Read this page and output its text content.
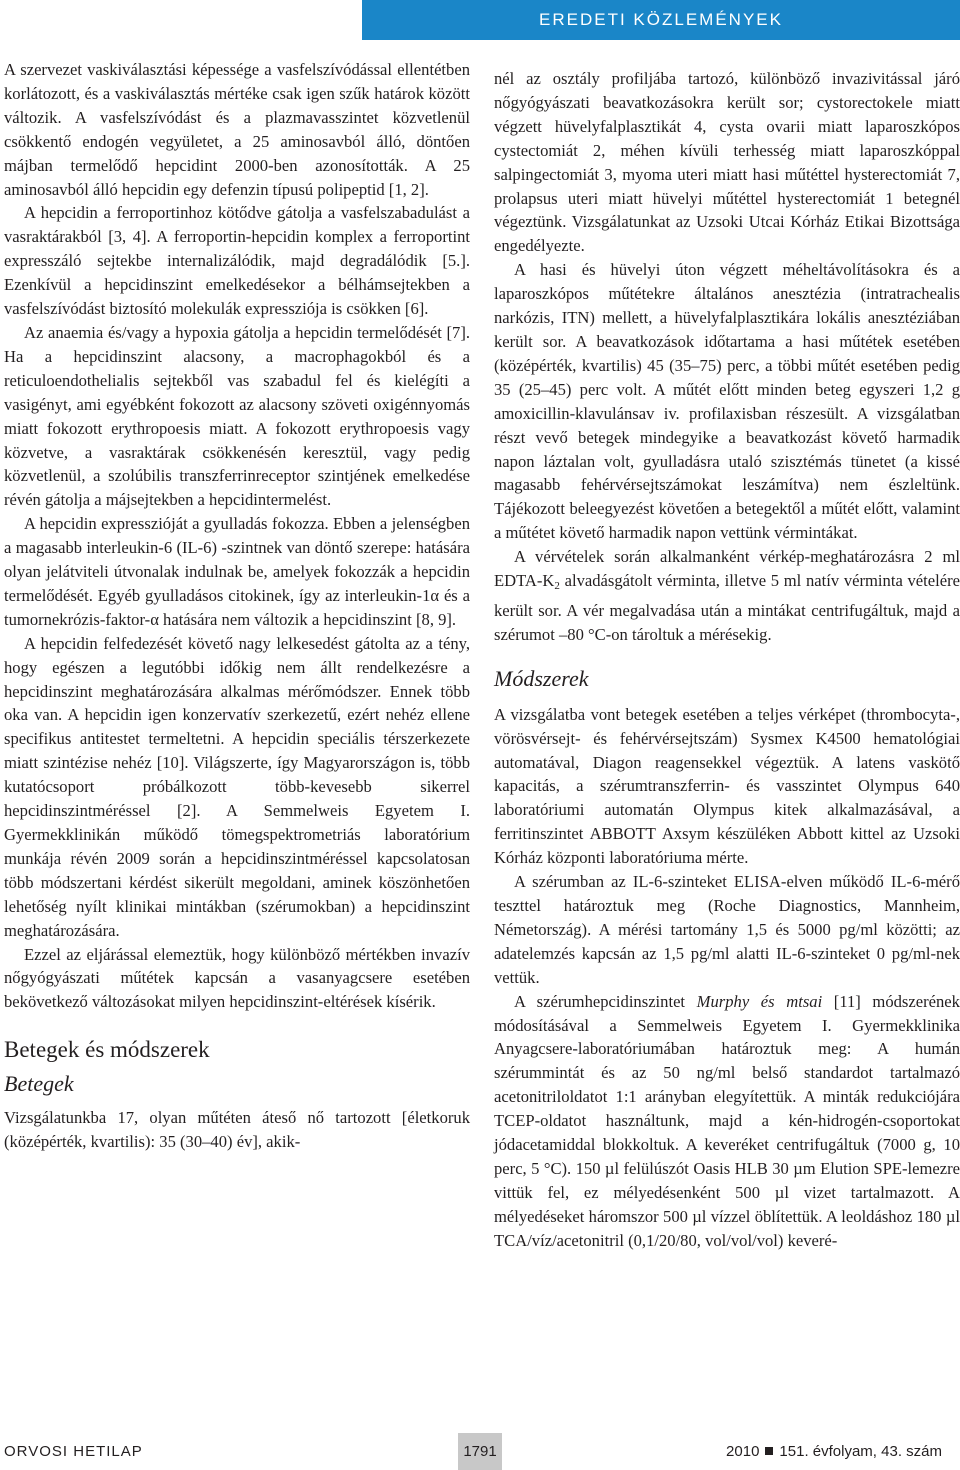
EREDETI KÖZLEMÉNYEK

A szervezet vaskiválasztási képessége a vasfelszívódással ellentétben korlátozott, és a vaskiválasztás mértéke csak igen szűk határok között változik. A vasfelszívódást és a plazmavasszintet közvetlenül csökkentő endogén vegyületet, a 25 aminosavból álló, döntően májban termelődő hepcidint 2000-ben azonosították. A 25 aminosavból álló hepcidin egy defenzin típusú polipeptid [1, 2].

A hepcidin a ferroportinhoz kötődve gátolja a vasfelszabadulást a vasraktárakból [3, 4]. A ferroportin-hepcidin komplex a ferroportint expresszáló sejtekbe internalizálódik, majd degradálódik [5.]. Ezenkívül a hepcidinszint emelkedésekor a bélhámsejtekben a vasfelszívódást biztosító molekulák expressziója is csökken [6].

Az anaemia és/vagy a hypoxia gátolja a hepcidin termelődését [7]. Ha a hepcidinszint alacsony, a macrophagokból és a reticuloendothelialis sejtekből vas szabadul fel és kielégíti a vasigényt, ami egyébként fokozott az alacsony szöveti oxigénnyomás miatt fokozott erythropoesis miatt. A fokozott erythropoesis vagy közvetve, a vasraktárak csökkenésén keresztül, vagy pedig közvetlenül, a szolúbilis transzferrinreceptor szintjének emelkedése révén gátolja a májsejtekben a hepcidintermelést.

A hepcidin expresszióját a gyulladás fokozza. Ebben a jelenségben a magasabb interleukin-6 (IL-6) -szintnek van döntő szerepe: hatására olyan jelátviteli útvonalak indulnak be, amelyek fokozzák a hepcidin termelődését. Egyéb gyulladásos citokinek, így az interleukin-1α és a tumornekrózis-faktor-α hatására nem változik a hepcidinszint [8, 9].

A hepcidin felfedezését követő nagy lelkesedést gátolta az a tény, hogy egészen a legutóbbi időkig nem állt rendelkezésre a hepcidinszint meghatározására alkalmas mérőmódszer. Ennek több oka van. A hepcidin igen konzervatív szerkezetű, ezért nehéz ellene specifikus antitestet termeltetni. A hepcidin speciális térszerkezete miatt szintézise nehéz [10]. Világszerte, így Magyarországon is, több kutatócsoport próbálkozott több-kevesebb sikerrel hepcidinszintméréssel [2]. A Semmelweis Egyetem I. Gyermekklinikán működő tömegspektrometriás laboratórium munkája révén 2009 során a hepcidinszintméréssel kapcsolatosan több módszertani kérdést sikerült megoldani, aminek köszönhetően lehetőség nyílt klinikai mintákban (szérumokban) a hepcidinszint meghatározására.

Ezzel az eljárással elemeztük, hogy különböző mértékben invazív nőgyógyászati műtétek kapcsán a vasanyagcsere esetében bekövetkező változásokat milyen hepcidinszint-eltérések kísérik.

Betegek és módszerek
Betegek

Vizsgálatunkba 17, olyan műtéten áteső nő tartozott [életkoruk (középérték, kvartilis): 35 (30–40) év], akik-

nél az osztály profiljába tartozó, különböző invazivitással járó nőgyógyászati beavatkozásokra került sor; cystorectokele miatt végzett hüvelyfalplasztikát 4, cysta ovarii miatt laparoszkópos cystectomiát 2, méhen kívüli terhesség miatt laparoszkóppal salpingectomiát 3, myoma uteri miatt hasi műtéttel hysterectomiát 7, prolapsus uteri miatt hüvelyi műtéttel hysterectomiát 1 betegnél végeztünk. Vizsgálatunkat az Uzsoki Utcai Kórház Etikai Bizottsága engedélyezte.

A hasi és hüvelyi úton végzett méheltávolításokra és a laparoszkópos műtétekre általános anesztézia (intratrachealis narkózis, ITN) mellett, a hüvelyfalplasztikára lokális anesztéziában került sor. A beavatkozások időtartama a hasi műtétek esetében (középérték, kvartilis) 45 (35–75) perc, a többi műtét esetében pedig 35 (25–45) perc volt. A műtét előtt minden beteg egyszeri 1,2 g amoxicillin-klavulánsav iv. profilaxisban részesült. A vizsgálatban részt vevő betegek mindegyike a beavatkozást követő harmadik napon láztalan volt, gyulladásra utaló szisztémás tünetet (a kissé magasabb fehérvérsejtszámokat leszámítva) nem észleltünk. Tájékozott beleegyezést követően a betegektől a műtét előtt, valamint a műtétet követő harmadik napon vettünk vérmintákat.

A vérvételek során alkalmanként vérkép-meghatározásra 2 ml EDTA-$K_2$ alvadásgátolt vérminta, illetve 5 ml natív vérminta vételére került sor. A vér megalvadása után a mintákat centrifugáltuk, majd a szérumot –80 °C-on tároltuk a mérésekig.

Módszerek

A vizsgálatba vont betegek esetében a teljes vérképet (thrombocyta-, vörösvérsejt- és fehérvérsejtszám) Sysmex K4500 hematológiai automatával, Diagon reagensekkel végeztük. A latens vaskötő kapacitás, a szérumtranszferrin- és vasszintet Olympus 640 laboratóriumi automatán Olympus kitek alkalmazásával, a ferritinszintet ABBOTT Axsym készüléken Abbott kittel az Uzsoki Kórház központi laboratóriuma mérte.

A szérumban az IL-6-szinteket ELISA-elven működő IL-6-mérő teszttel határoztuk meg (Roche Diagnostics, Mannheim, Németország). A mérési tartomány 1,5 és 5000 pg/ml közötti; az adatelemzés kapcsán az 1,5 pg/ml alatti IL-6-szinteket 0 pg/ml-nek vettük.

A szérumhepcidinszintet Murphy és mtsai [11] módszerének módosításával a Semmelweis Egyetem I. Gyermekklinika Anyagcsere-laboratóriumában határoztuk meg: A humán szérummintát és az 50 ng/ml belső standardot tartalmazó acetonitriloldatot 1:1 arányban elegyítettük. A minták redukciójára TCEP-oldatot használtunk, majd a kén-hidrogén-csoportokat jódacetamiddal blokkoltuk. A keveréket centrifugáltuk (7000 g, 10 perc, 5 °C). 150 µl felülúszót Oasis HLB 30 µm Elution SPE-lemezre vittük fel, ez mélyedésenként 500 µl vizet tartalmazott. A mélyedéseket háromszor 500 µl vízzel öblítettük. A leoldáshoz 180 µl TCA/víz/acetonitril (0,1/20/80, vol/vol/vol) keveré-

ORVOSI HETILAP	1791	2010 151. évfolyam, 43. szám
